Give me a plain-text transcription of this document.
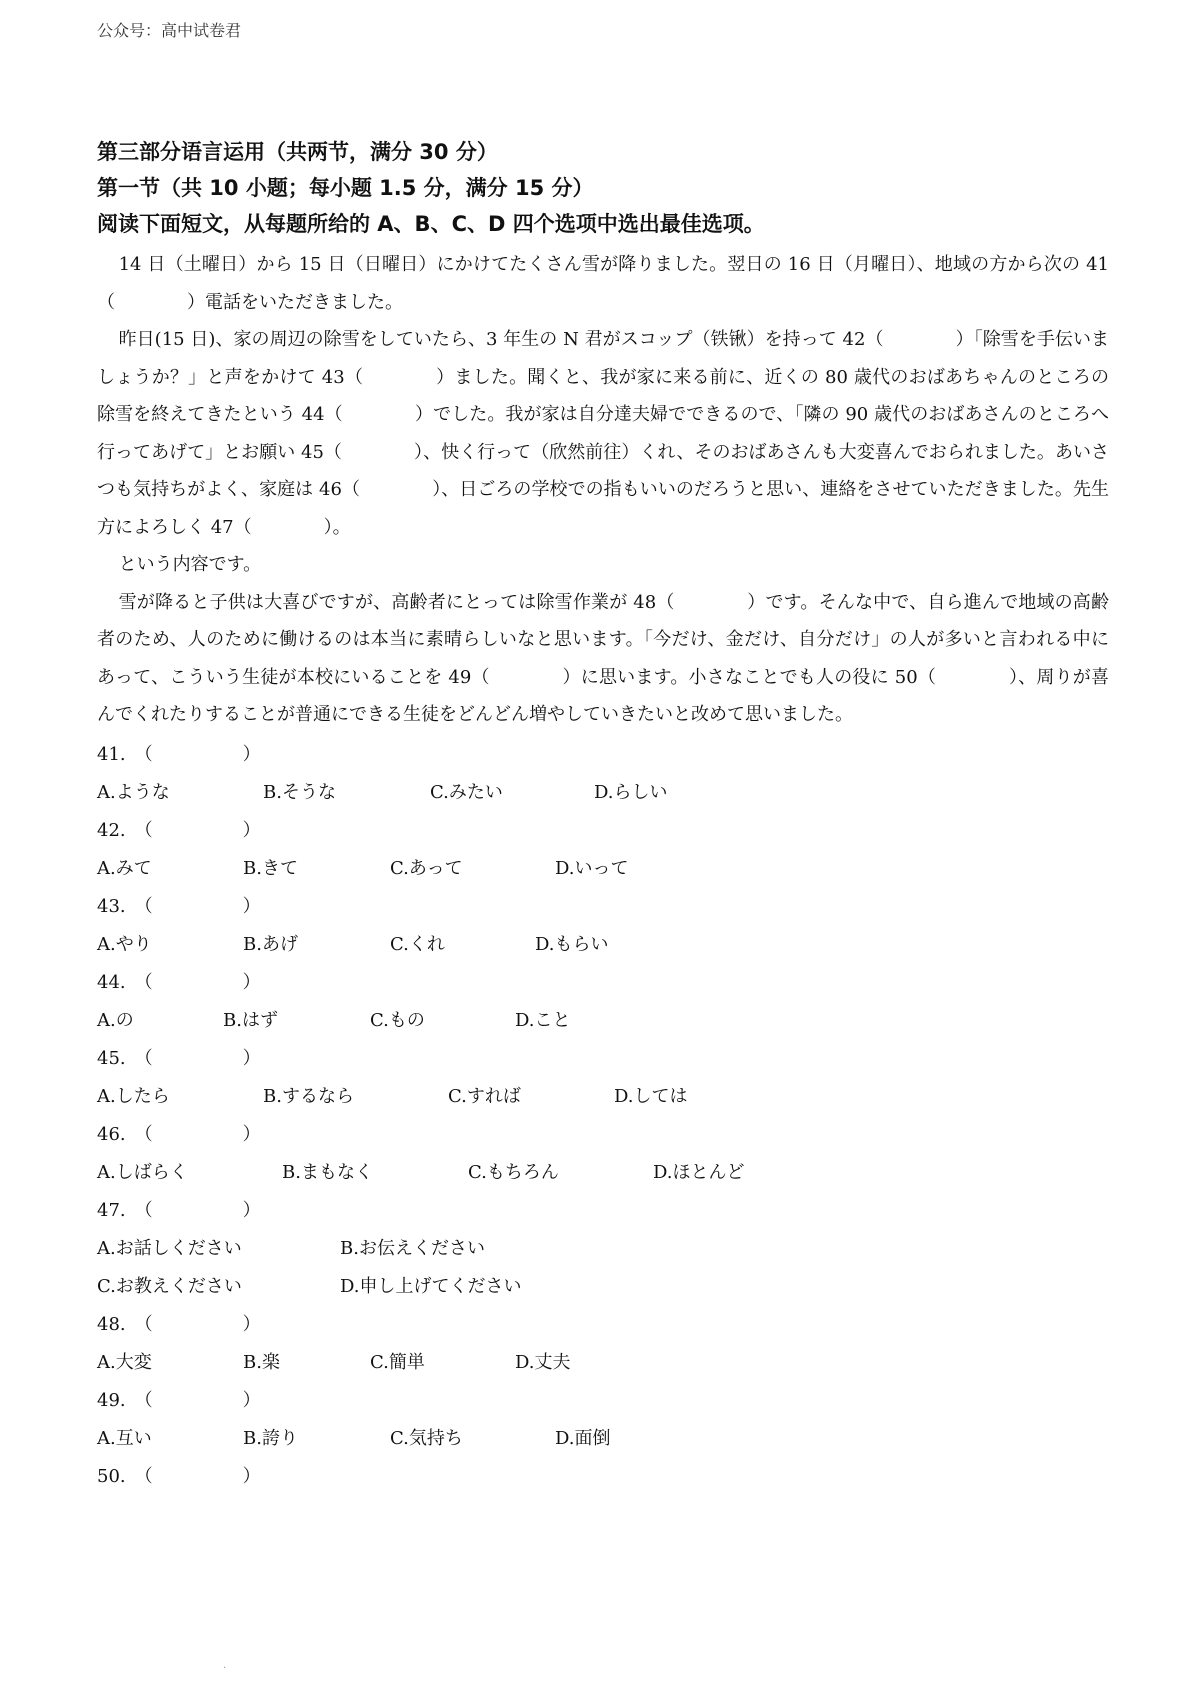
公众号：高中试卷君
第三部分语言运用（共两节，满分 30 分）
第一节（共 10 小题；每小题 1.5 分，满分 15 分）
阅读下面短文，从每题所给的 A、B、C、D 四个选项中选出最佳选项。
14 日（土曜日）から 15 日（日曜日）にかけてたくさん雪が降りました。翌日の 16 日（月曜日）、地域の方から次の 41（　　　　）電話をいただきました。
昨日(15 日)、家の周辺の除雪をしていたら、3 年生の N 君がスコップ（铁锹）を持って 42（　　　　）「除雪を手伝いましょうか？」と声をかけて 43（　　　　）ました。聞くと、我が家に来る前に、近くの 80 歳代のおばあちゃんのところの除雪を終えてきたという 44（　　　　）でした。我が家は自分達夫婦でできるので、「隣の 90 歳代のおばあさんのところへ行ってあげて」とお願い 45（　　　　）、快く行って（欣然前往）くれ、そのおばあさんも大変喜んでおられました。あいさつも気持ちがよく、家庭は 46（　　　　）、日ごろの学校での指もいいのだろうと思い、連絡をさせていただきました。先生方によろしく 47（　　　　）。
という内容です。
雪が降ると子供は大喜びですが、高齢者にとっては除雪作業が 48（　　　　）です。そんな中で、自ら進んで地域の高齢者のため、人のために働けるのは本当に素晴らしいなと思います。「今だけ、金だけ、自分だけ」の人が多いと言われる中にあって、こういう生徒が本校にいることを 49（　　　　）に思います。小さなことでも人の役に 50（　　　　）、周りが喜んでくれたりすることが普通にできる生徒をどんどん増やしていきたいと改めて思いました。
41.　（　　　　　）
A.ような	B.そうな	C.みたい	D.らしい
42.　（　　　　　）
A.みて	B.きて	C.あって	D.いって
43.　（　　　　　）
A.やり	B.あげ	C.くれ	D.もらい
44.　（　　　　　）
A.の	B.はず	C.もの	D.こと
45.　（　　　　　）
A.したら	B.するなら	C.すれば	D.しては
46.　（　　　　　）
A.しばらく	B.まもなく	C.もちろん	D.ほとんど
47.　（　　　　　）
A.お話しください	B.お伝えください
C.お教えください	D.申し上げてください
48.　（　　　　　）
A.大変	B.楽	C.簡単	D.丈夫
49.　（　　　　　）
A.互い	B.誇り	C.気持ち	D.面倒
50.　（　　　　　）
.
